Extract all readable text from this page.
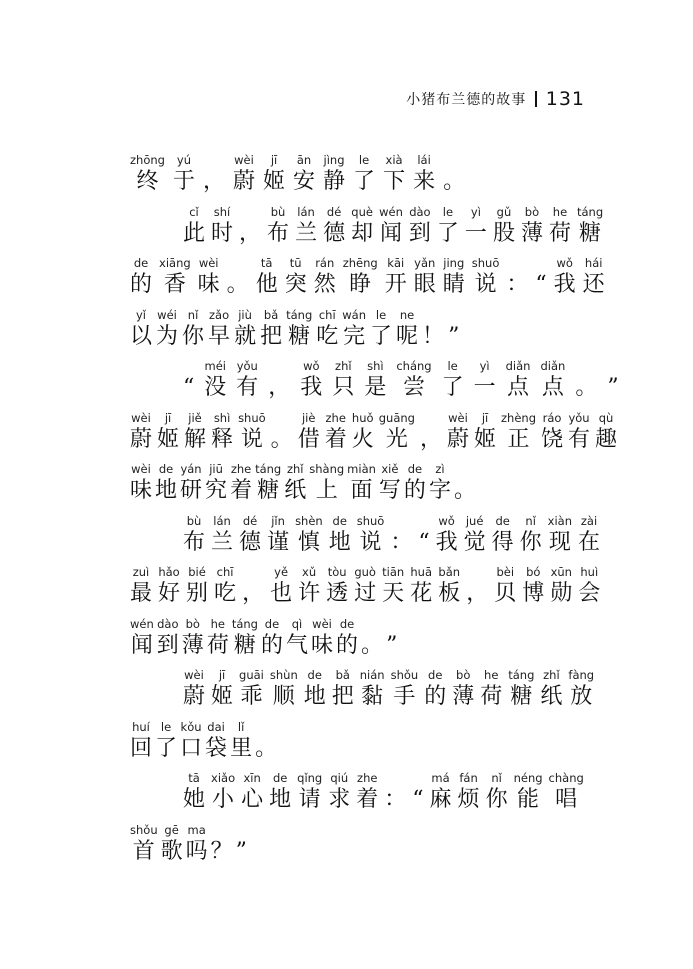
小猪布兰德的故事 131
zhōng
终
yú
于 ，
wèi
蔚
jī
姬
ān
安
jìng
静
le
了
xià
下
lái
来 。
cǐ
此
shí
时 ，
bù
布
lán
兰
dé
德
què
却
wén
闻
dào
到
le
了
yì
一
gǔ
股
bò
薄
he
荷
táng
糖
de
的
xiāng
香
wèi
味 。
tā
他
tū
突
rán
然
zhēng
睁
kāi
开
yǎn
眼
jing
睛
shuō
说 ： “
wǒ
我
hái
还
yǐ
以
wéi
为
nǐ
你
zǎo
早
jiù
就
bǎ
把
táng
糖
chī
吃
wán
完
le
了
ne
呢 ！ ”
“
méi
没
yǒu
有 ，
wǒ
我
zhǐ
只
shì
是
cháng
尝
le
了
yì
一
diǎn
点
diǎn
点 。 ”
wèi
蔚
jī
姬
jiě
解
shì
释
shuō
说 。
jiè
借
zhe
着
huǒ
火
guāng
光 ，
wèi
蔚
jī
姬
zhèng
正
ráo
饶
yǒu
有
qù
趣
wèi
味
de
地
yán
研
jiū
究
zhe
着
táng
糖
zhǐ
纸
shàng
上
miàn
面
xiě
写
de
的
zì
字 。
bù
布
lán
兰
dé
德
jǐn
谨
shèn
慎
de
地
shuō
说 ： “
wǒ
我
jué
觉
de
得
nǐ
你
xiàn
现
zài
在
zuì
最
hǎo
好
bié
别
chī
吃 ，
yě
也
xǔ
许
tòu
透
guò
过
tiān
天
huā
花
bǎn
板 ，
bèi
贝
bó
博
xūn
勋
huì
会
wén
闻
dào
到
bò
薄
he
荷
táng
糖
de
的
qì
气
wèi
味
de
的 。 ”
wèi
蔚
jī
姬
guāi
乖
shùn
顺
de
地
bǎ
把
nián
黏
shǒu
手
de
的
bò
薄
he
荷
táng
糖
zhǐ
纸
fàng
放
huí
回
le
了
kǒu
口
dai
袋
lǐ
里 。
tā
她
xiǎo
小
xīn
心
de
地
qǐng
请
qiú
求
zhe
着 ： “
má
麻
fán
烦
nǐ
你
néng
能
chàng
唱
shǒu
首
gē
歌
ma
吗 ？ ”
